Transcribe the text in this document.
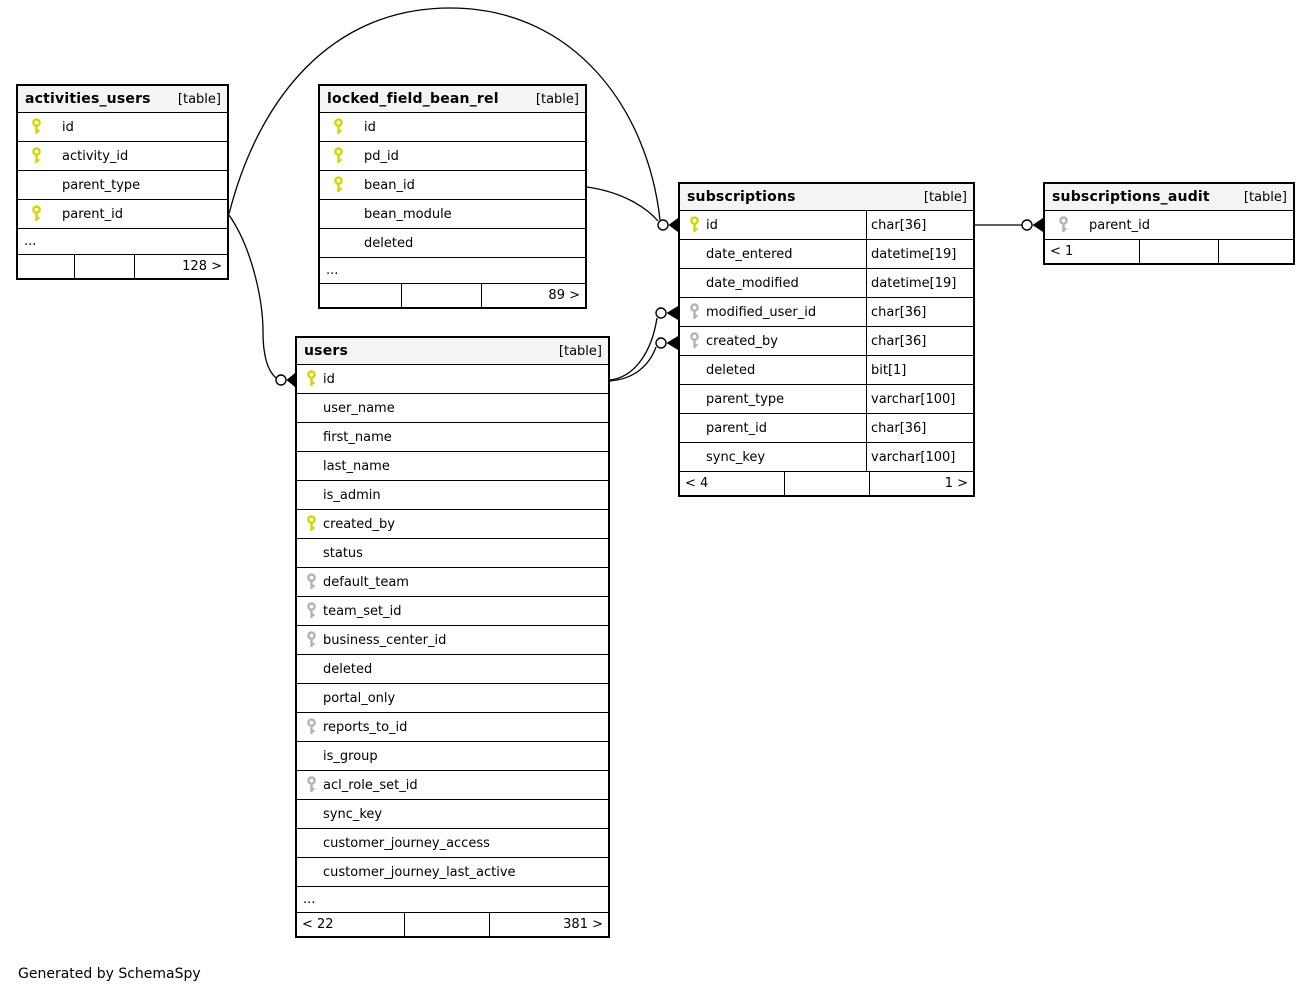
activities_users [table]
id
activity_id
parent_type
parent_id
...
128 >
locked_field_bean_rel	[table]
id
pd_id
bean_id
bean_module
deleted
...
89 >
users	[table]
id
user_name
first_name
last_name
is_admin
created_by
status
default_team
team_set_id
business_center_id
deleted
portal_only
reports_to_id
is_group
acl_role_set_id
sync_key
customer_journey_access
customer_journey_last_active
...
< 22	381 >
subscriptions	[table]
id	char[36]
date_entered	datetime[19]
date_modified	datetime[19]
modified_user_id	char[36]
created_by	char[36]
deleted	bit[1]
parent_type	varchar[100]
parent_id	char[36]
sync_key	varchar[100]
< 4	1 >
subscriptions_audit	[table]
parent_id
< 1
Generated by SchemaSpy
